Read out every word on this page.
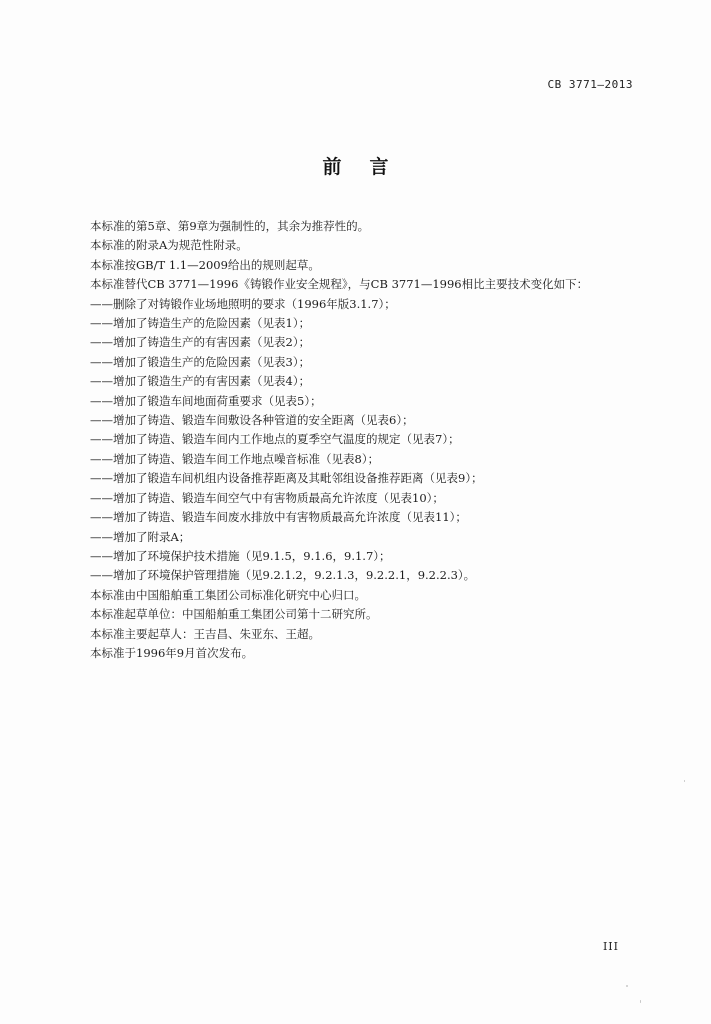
CB 3771—2013
前言
本标准的第5章、第9章为强制性的，其余为推荐性的。
本标准的附录A为规范性附录。
本标准按GB/T 1.1—2009给出的规则起草。
本标准替代CB 3771—1996《铸锻作业安全规程》，与CB 3771—1996相比主要技术变化如下：
——删除了对铸锻作业场地照明的要求（1996年版3.1.7）；
——增加了铸造生产的危险因素（见表1）；
——增加了铸造生产的有害因素（见表2）；
——增加了锻造生产的危险因素（见表3）；
——增加了锻造生产的有害因素（见表4）；
——增加了锻造车间地面荷重要求（见表5）；
——增加了铸造、锻造车间敷设各种管道的安全距离（见表6）；
——增加了铸造、锻造车间内工作地点的夏季空气温度的规定（见表7）；
——增加了铸造、锻造车间工作地点噪音标准（见表8）；
——增加了锻造车间机组内设备推荐距离及其毗邻组设备推荐距离（见表9）；
——增加了铸造、锻造车间空气中有害物质最高允许浓度（见表10）；
——增加了铸造、锻造车间废水排放中有害物质最高允许浓度（见表11）；
——增加了附录A；
——增加了环境保护技术措施（见9.1.5，9.1.6，9.1.7）；
——增加了环境保护管理措施（见9.2.1.2，9.2.1.3，9.2.2.1，9.2.2.3）。
本标准由中国船舶重工集团公司标准化研究中心归口。
本标准起草单位：中国船舶重工集团公司第十二研究所。
本标准主要起草人：王吉昌、朱亚东、王超。
本标准于1996年9月首次发布。
III
